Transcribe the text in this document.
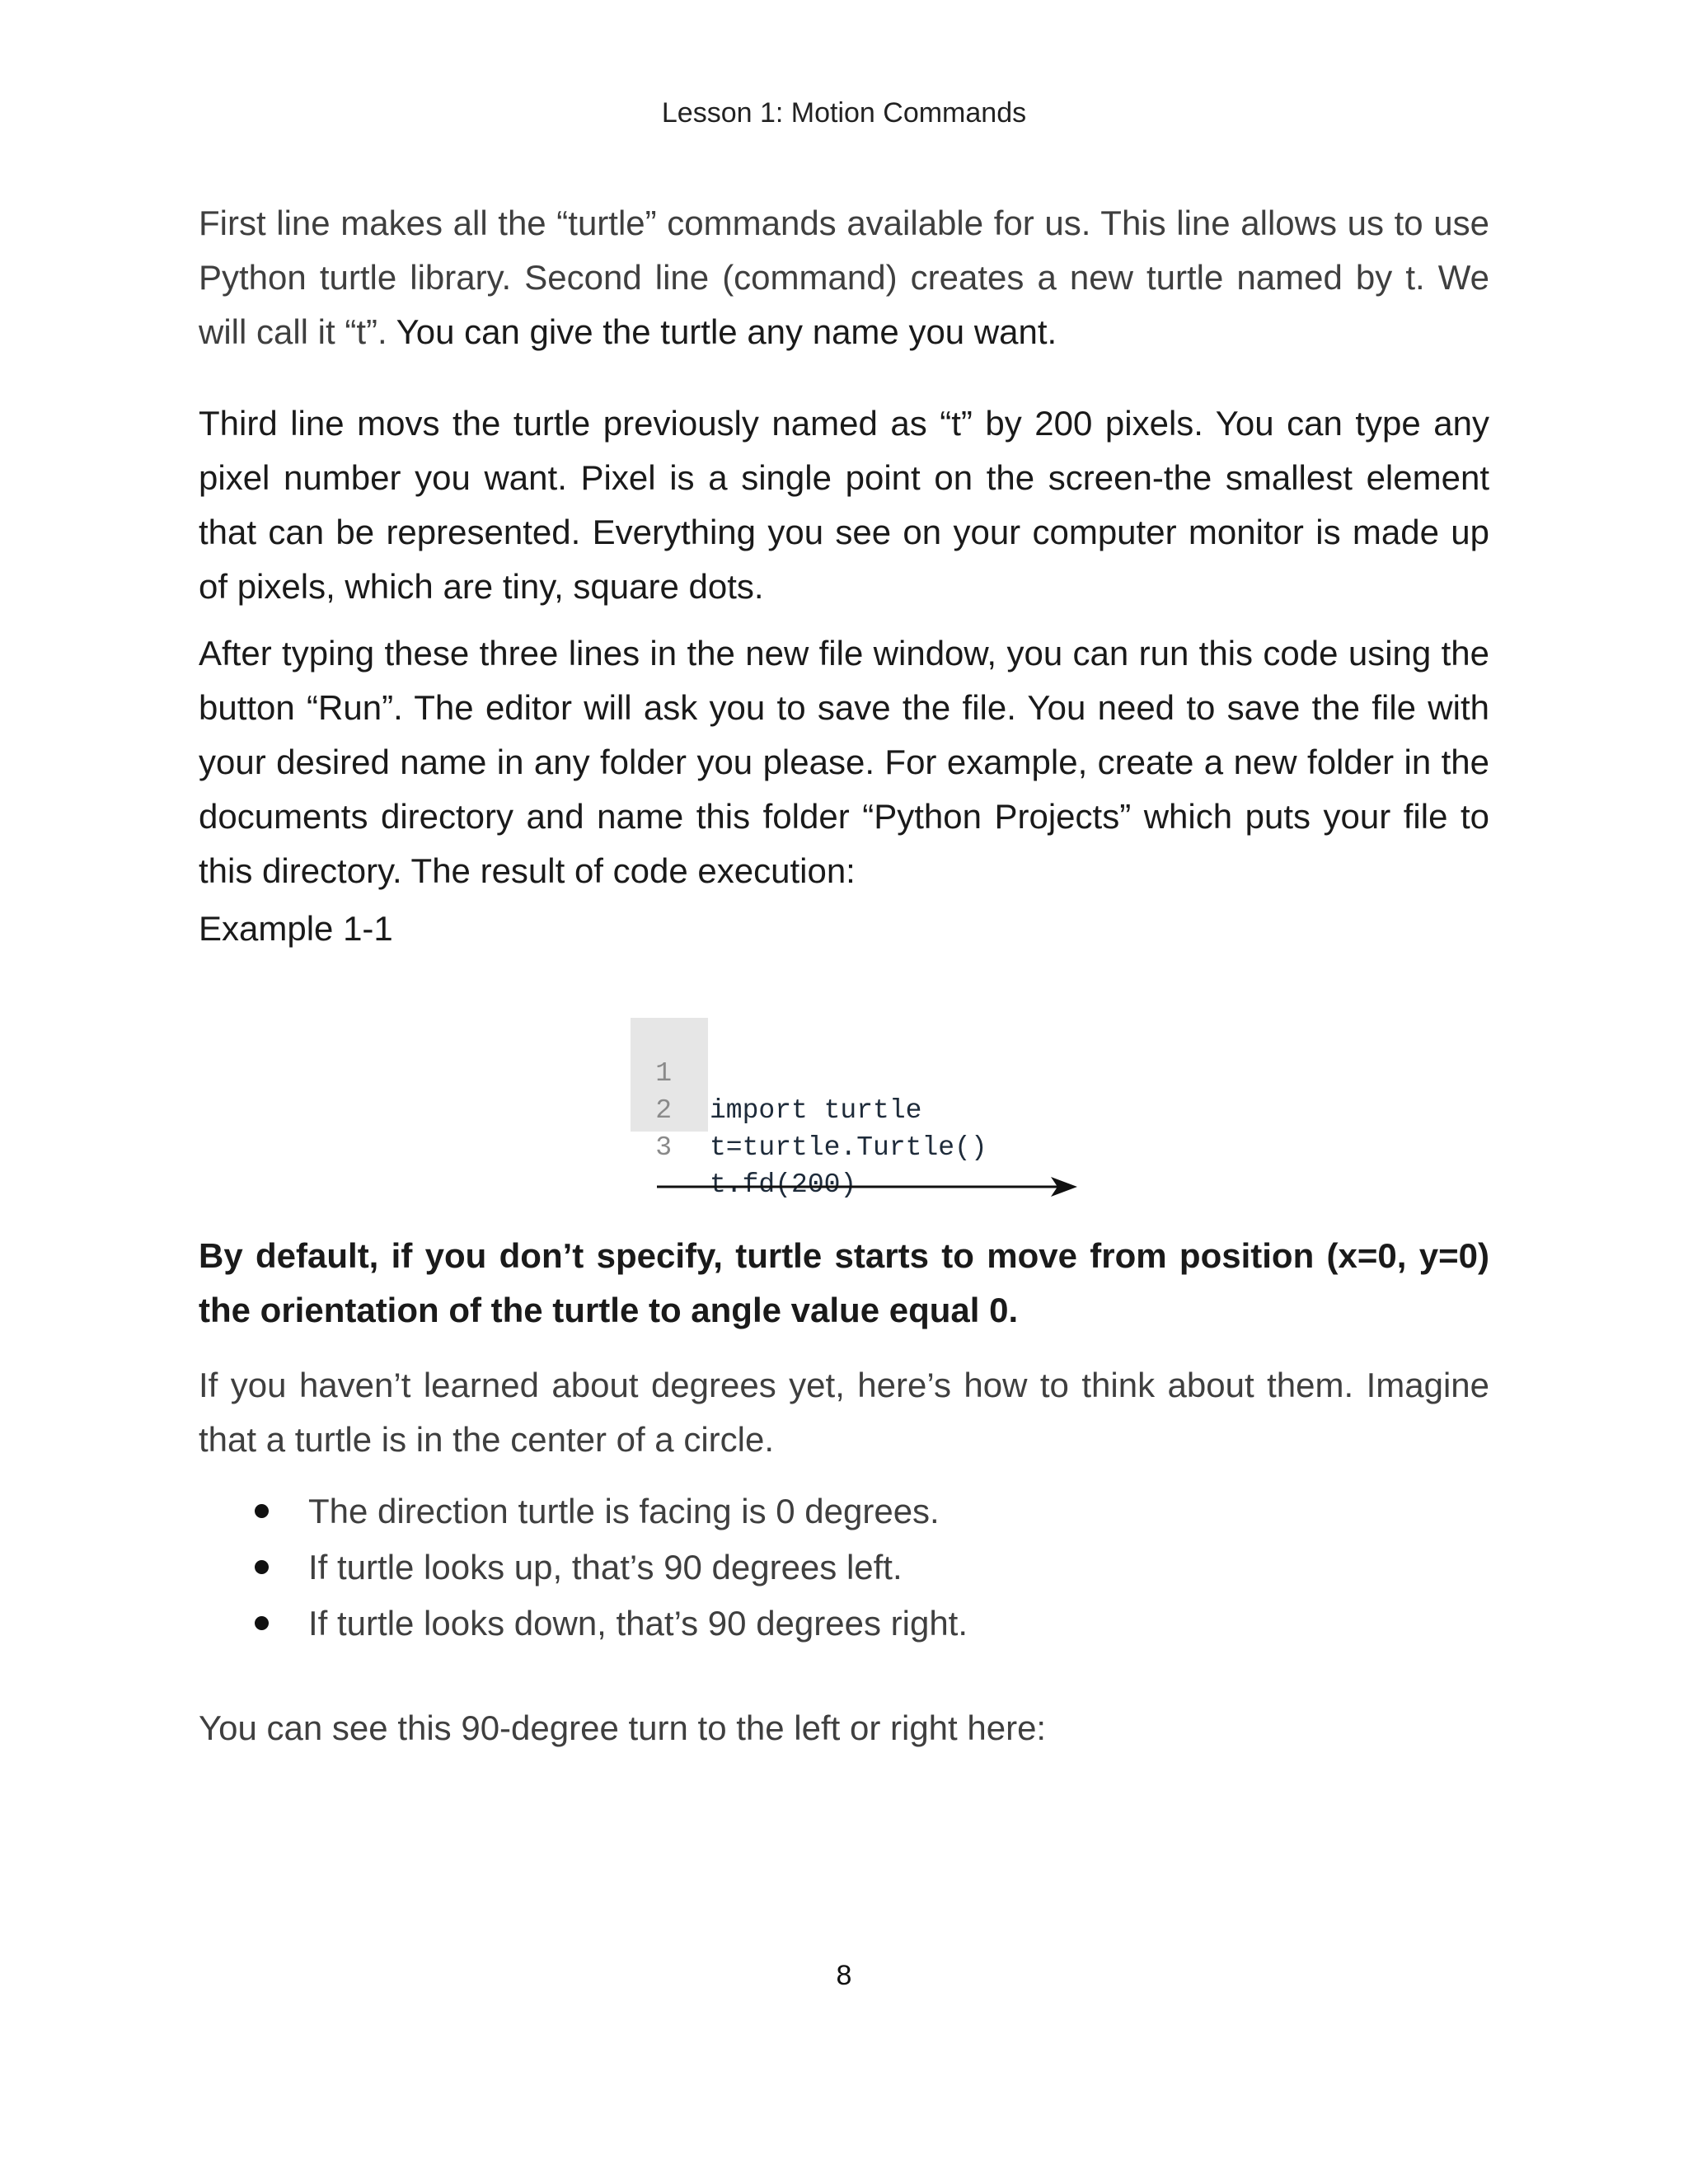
Lesson 1: Motion Commands

First line makes all the “turtle” commands available for us. This line allows us to use Python turtle library. Second line (command) creates a new turtle named by t. We will call it “t”. You can give the turtle any name you want.

Third line movs the turtle previously named as “t” by 200 pixels. You can type any pixel number you want. Pixel is a single point on the screen-the smallest element that can be represented. Everything you see on your computer monitor is made up of pixels, which are tiny, square dots.

After typing these three lines in the new file window, you can run this code using the button “Run”. The editor will ask you to save the file. You need to save the file with your desired name in any folder you please. For example, create a new folder in the documents directory and name this folder “Python Projects” which puts your file to this directory. The result of code execution:

Example 1-1

1

import turtle

2

t=turtle.Turtle()

3

t.fd(200)

By default, if you don’t specify, turtle starts to move from position (x=0, y=0) the orientation of the turtle to angle value equal 0.

If you haven’t learned about degrees yet, here’s how to think about them. Imagine that a turtle is in the center of a circle.

The direction turtle is facing is 0 degrees.
If turtle looks up, that’s 90 degrees left.
If turtle looks down, that’s 90 degrees right.

You can see this 90-degree turn to the left or right here:

8
